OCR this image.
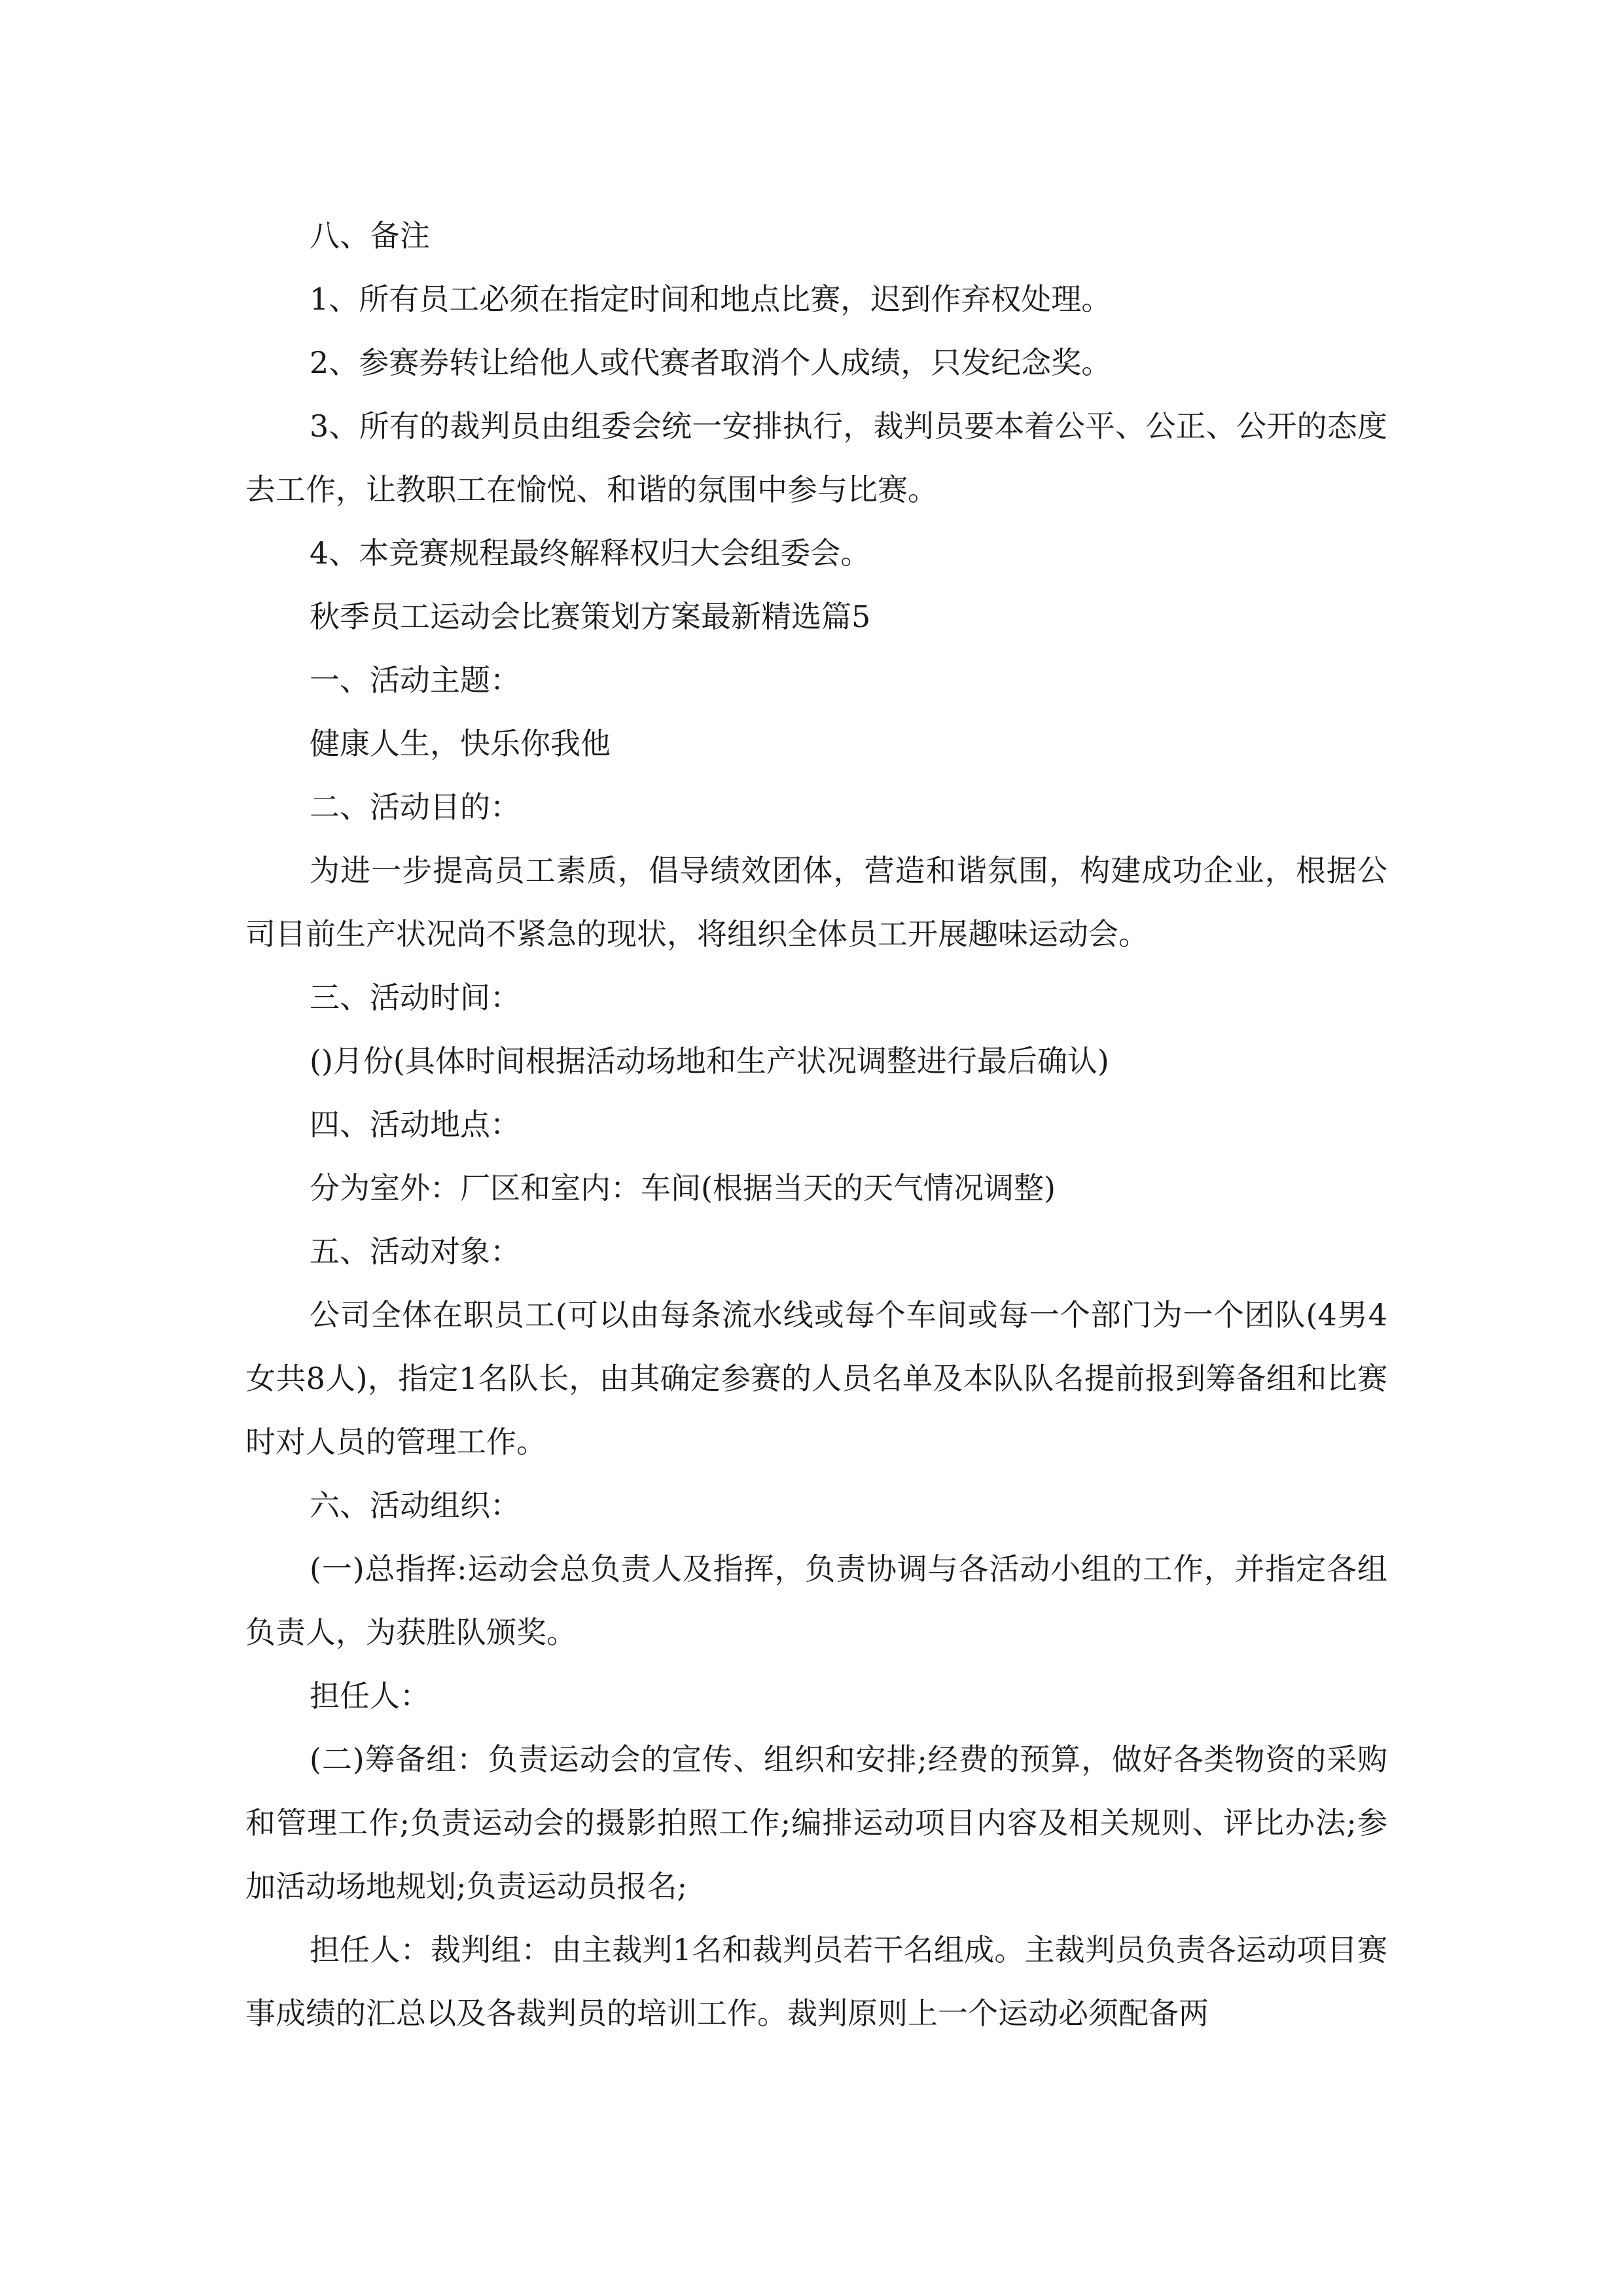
八、备注

1、所有员工必须在指定时间和地点比赛，迟到作弃权处理。

2、参赛券转让给他人或代赛者取消个人成绩，只发纪念奖。

3、所有的裁判员由组委会统一安排执行，裁判员要本着公平、公正、公开的态度去工作，让教职工在愉悦、和谐的氛围中参与比赛。

4、本竞赛规程最终解释权归大会组委会。

秋季员工运动会比赛策划方案最新精选篇5

一、活动主题：

健康人生，快乐你我他

二、活动目的：

为进一步提高员工素质，倡导绩效团体，营造和谐氛围，构建成功企业，根据公司目前生产状况尚不紧急的现状，将组织全体员工开展趣味运动会。

三、活动时间：

()月份(具体时间根据活动场地和生产状况调整进行最后确认)

四、活动地点：

分为室外：厂区和室内：车间(根据当天的天气情况调整)

五、活动对象：

公司全体在职员工(可以由每条流水线或每个车间或每一个部门为一个团队(4男4女共8人)，指定1名队长，由其确定参赛的人员名单及本队队名提前报到筹备组和比赛时对人员的管理工作。

六、活动组织：

(一)总指挥:运动会总负责人及指挥，负责协调与各活动小组的工作，并指定各组负责人，为获胜队颁奖。

担任人：

(二)筹备组：负责运动会的宣传、组织和安排;经费的预算，做好各类物资的采购和管理工作;负责运动会的摄影拍照工作;编排运动项目内容及相关规则、评比办法;参加活动场地规划;负责运动员报名;

担任人：裁判组：由主裁判1名和裁判员若干名组成。主裁判员负责各运动项目赛事成绩的汇总以及各裁判员的培训工作。裁判原则上一个运动必须配备两
